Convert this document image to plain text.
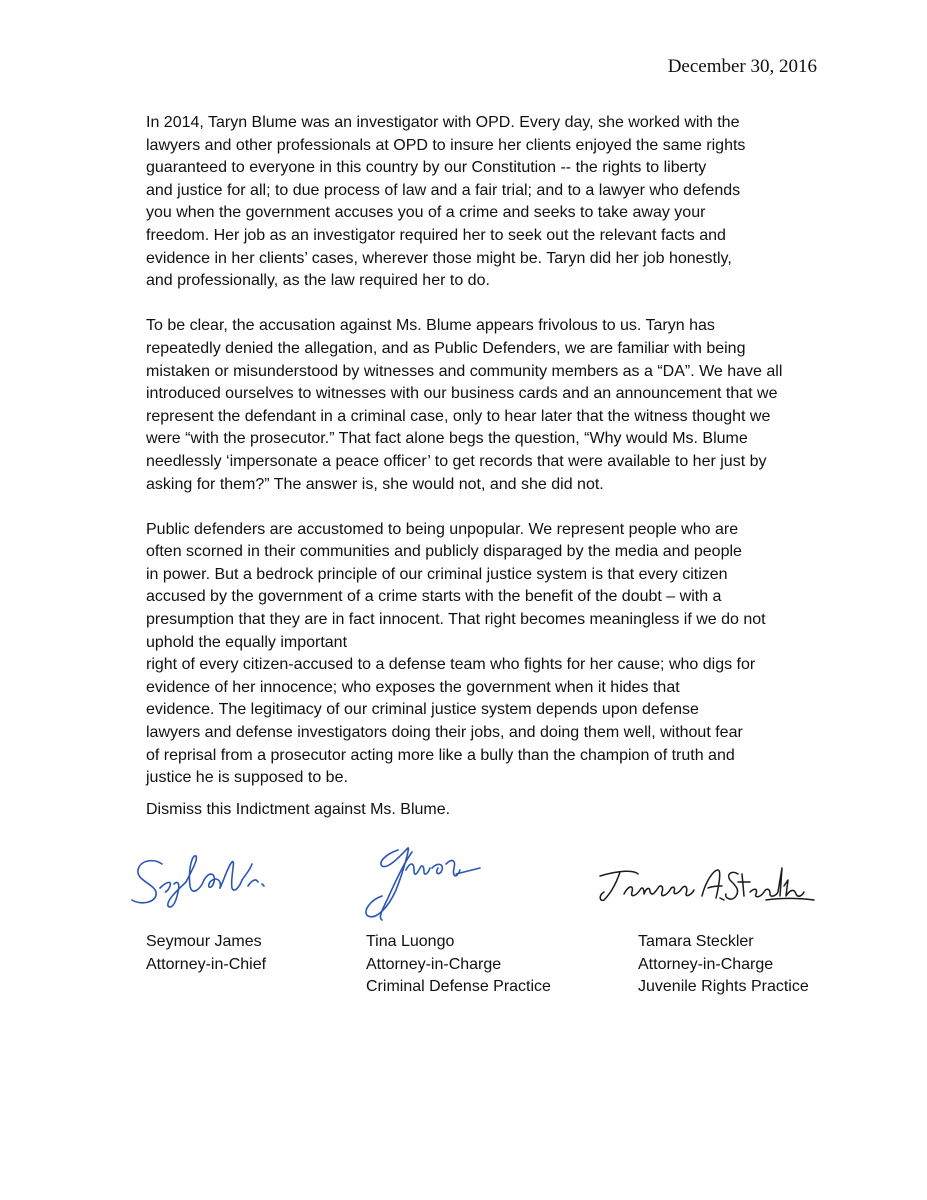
December 30, 2016

In 2014, Taryn Blume was an investigator with OPD. Every day, she worked with the
lawyers and other professionals at OPD to insure her clients enjoyed the same rights
guaranteed to everyone in this country by our Constitution -- the rights to liberty
and justice for all; to due process of law and a fair trial; and to a lawyer who defends
you when the government accuses you of a crime and seeks to take away your
freedom. Her job as an investigator required her to seek out the relevant facts and
evidence in her clients’ cases, wherever those might be. Taryn did her job honestly,
and professionally, as the law required her to do.

To be clear, the accusation against Ms. Blume appears frivolous to us. Taryn has
repeatedly denied the allegation, and as Public Defenders, we are familiar with being
mistaken or misunderstood by witnesses and community members as a “DA”. We have all
introduced ourselves to witnesses with our business cards and an announcement that we
represent the defendant in a criminal case, only to hear later that the witness thought we
were “with the prosecutor.” That fact alone begs the question, “Why would Ms. Blume
needlessly ‘impersonate a peace officer’ to get records that were available to her just by
asking for them?” The answer is, she would not, and she did not.

Public defenders are accustomed to being unpopular. We represent people who are
often scorned in their communities and publicly disparaged by the media and people
in power. But a bedrock principle of our criminal justice system is that every citizen
accused by the government of a crime starts with the benefit of the doubt – with a
presumption that they are in fact innocent. That right becomes meaningless if we do not
uphold the equally important
right of every citizen-accused to a defense team who fights for her cause; who digs for
evidence of her innocence; who exposes the government when it hides that
evidence. The legitimacy of our criminal justice system depends upon defense
lawyers and defense investigators doing their jobs, and doing them well, without fear
of reprisal from a prosecutor acting more like a bully than the champion of truth and
justice he is supposed to be.

Dismiss this Indictment against Ms. Blume.
Seymour James
Attorney-in-Chief
Tina Luongo
Attorney-in-Charge
Criminal Defense Practice
Tamara Steckler
Attorney-in-Charge
Juvenile Rights Practice
